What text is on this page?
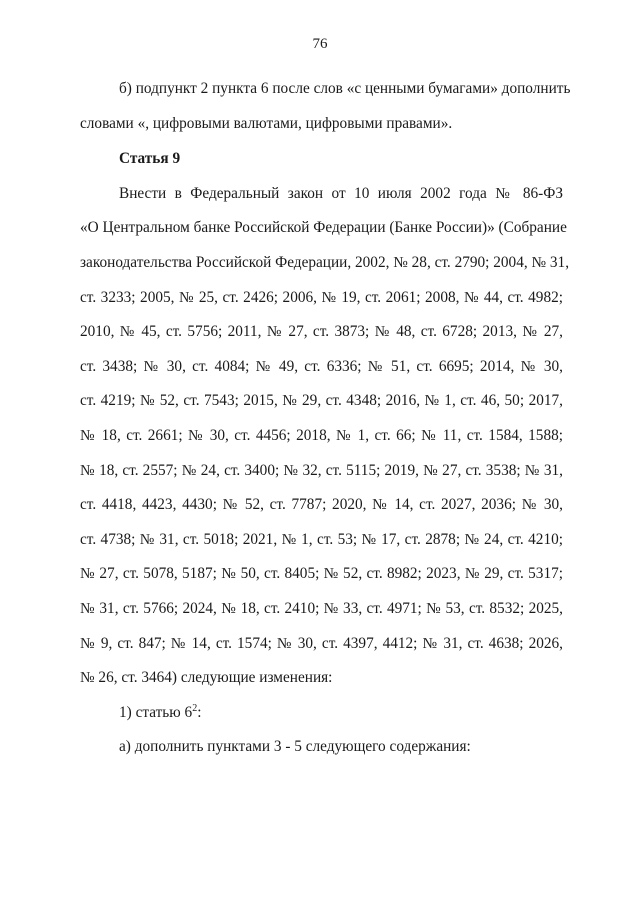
76
б) подпункт 2 пункта 6 после слов «с ценными бумагами» дополнить
словами «, цифровыми валютами, цифровыми правами».
Статья 9
Внести в Федеральный закон от 10 июля 2002 года № 86-ФЗ
«О Центральном банке Российской Федерации (Банке России)» (Собрание
законодательства Российской Федерации, 2002, № 28, ст. 2790; 2004, № 31,
ст. 3233; 2005, № 25, ст. 2426; 2006, № 19, ст. 2061; 2008, № 44, ст. 4982;
2010, № 45, ст. 5756; 2011, № 27, ст. 3873; № 48, ст. 6728; 2013, № 27,
ст. 3438; № 30, ст. 4084; № 49, ст. 6336; № 51, ст. 6695; 2014, № 30,
ст. 4219; № 52, ст. 7543; 2015, № 29, ст. 4348; 2016, № 1, ст. 46, 50; 2017,
№ 18, ст. 2661; № 30, ст. 4456; 2018, № 1, ст. 66; № 11, ст. 1584, 1588;
№ 18, ст. 2557; № 24, ст. 3400; № 32, ст. 5115; 2019, № 27, ст. 3538; № 31,
ст. 4418, 4423, 4430; № 52, ст. 7787; 2020, № 14, ст. 2027, 2036; № 30,
ст. 4738; № 31, ст. 5018; 2021, № 1, ст. 53; № 17, ст. 2878; № 24, ст. 4210;
№ 27, ст. 5078, 5187; № 50, ст. 8405; № 52, ст. 8982; 2023, № 29, ст. 5317;
№ 31, ст. 5766; 2024, № 18, ст. 2410; № 33, ст. 4971; № 53, ст. 8532; 2025,
№ 9, ст. 847; № 14, ст. 1574; № 30, ст. 4397, 4412; № 31, ст. 4638; 2026,
№ 26, ст. 3464) следующие изменения:
1) статью $6^2$:
а) дополнить пунктами 3 - 5 следующего содержания:
